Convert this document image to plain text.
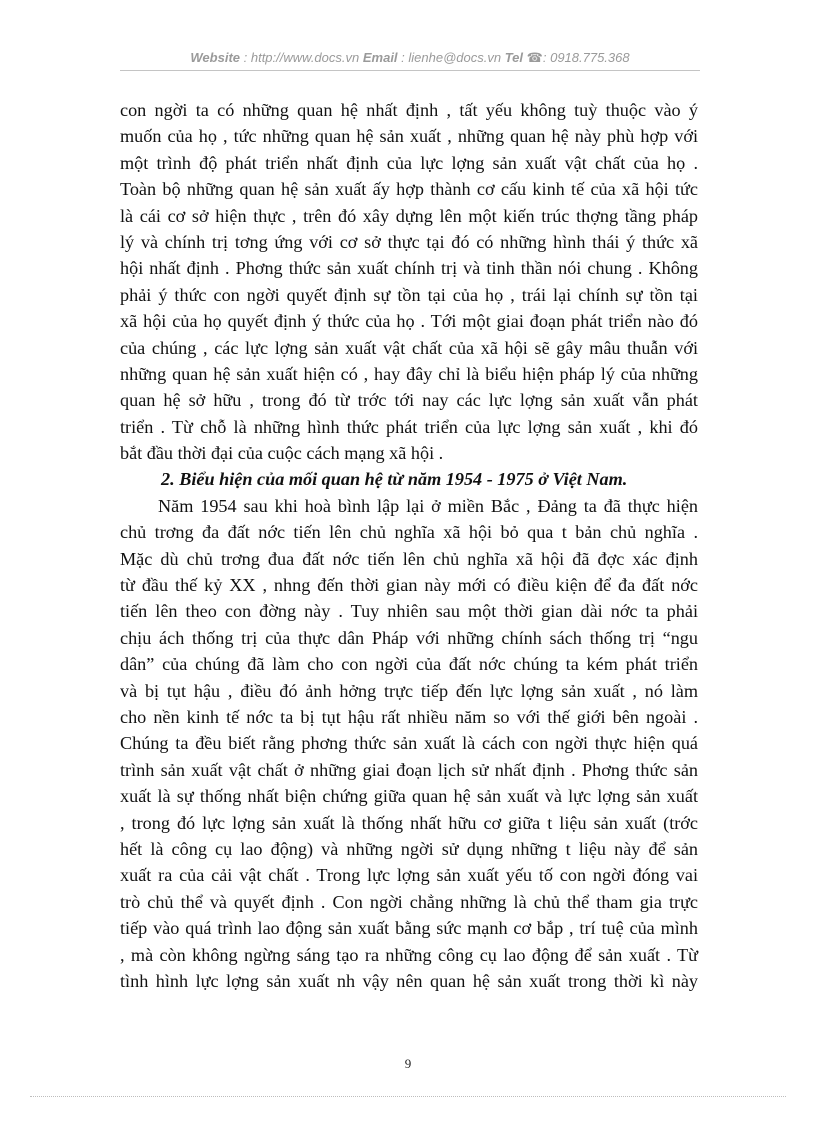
Website : http://www.docs.vn Email : lienhe@docs.vn Tel ☎: 0918.775.368
con ngời ta có những quan hệ nhất định , tất yếu không tuỳ thuộc vào ý
muốn của họ , tức những quan hệ sản xuất , những quan hệ này phù hợp với
một trình độ phát triển nhất định của lực lợng sản xuất vật chất của họ .
Toàn bộ những quan hệ sản xuất ấy hợp thành cơ cấu kinh tế của xã hội tức
là cái cơ sở hiện thực , trên đó xây dựng lên một kiến trúc thợng tầng pháp
lý và chính trị tơng ứng với cơ sở thực tại đó có những hình thái ý thức xã
hội nhất định . Phơng thức sản xuất chính trị và tinh thần nói chung . Không
phải ý thức con ngời quyết định sự tồn tại của họ , trái lại chính sự tồn tại
xã hội của họ quyết định ý thức của họ . Tới một giai đoạn phát triển nào đó
của chúng , các lực lợng sản xuất vật chất của xã hội sẽ gây mâu thuẫn với
những quan hệ sản xuất hiện có , hay đây chỉ là biểu hiện pháp lý của những
quan hệ sở hữu , trong đó từ trớc tới nay các lực lợng sản xuất vẫn phát
triển . Từ chỗ là những hình thức phát triển của lực lợng sản xuất , khi đó
bắt đầu thời đại của cuộc cách mạng xã hội .
2. Biểu hiện của mối quan hệ từ năm 1954 - 1975 ở Việt Nam.
Năm 1954 sau khi hoà bình lập lại ở miền Bắc , Đảng ta đã thực hiện
chủ trơng đa đất nớc tiến lên chủ nghĩa xã hội bỏ qua t bản chủ nghĩa .
Mặc dù chủ trơng đua đất nớc tiến lên chủ nghĩa xã hội đã đợc xác định
từ đầu thế kỷ XX , nhng đến thời gian này mới có điều kiện để đa đất nớc
tiến lên theo con đờng này . Tuy nhiên sau một thời gian dài nớc ta phải
chịu ách thống trị của thực dân Pháp với những chính sách thống trị “ngu
dân” của chúng đã làm cho con ngời của đất nớc chúng ta kém phát triển
và bị tụt hậu , điều đó ảnh hởng trực tiếp đến lực lợng sản xuất , nó làm
cho nền kinh tế nớc ta bị tụt hậu rất nhiều năm so với thế giới bên ngoài .
Chúng ta đều biết rằng phơng thức sản xuất là cách con ngời thực hiện quá
trình sản xuất vật chất ở những giai đoạn lịch sử nhất định . Phơng thức sản
xuất là sự thống nhất biện chứng giữa quan hệ sản xuất và lực lợng sản xuất
, trong đó lực lợng sản xuất là thống nhất hữu cơ giữa t liệu sản xuất (trớc
hết là công cụ lao động) và những ngời sử dụng những t liệu này để sản
xuất ra của cải vật chất . Trong lực lợng sản xuất yếu tố con ngời đóng vai
trò chủ thể và quyết định . Con ngời chẳng những là chủ thể tham gia trực
tiếp vào quá trình lao động sản xuất bằng sức mạnh cơ bắp , trí tuệ của mình
, mà còn không ngừng sáng tạo ra những công cụ lao động để sản xuất . Từ
tình hình lực lợng sản xuất nh vậy nên quan hệ sản xuất trong thời kì này
9
